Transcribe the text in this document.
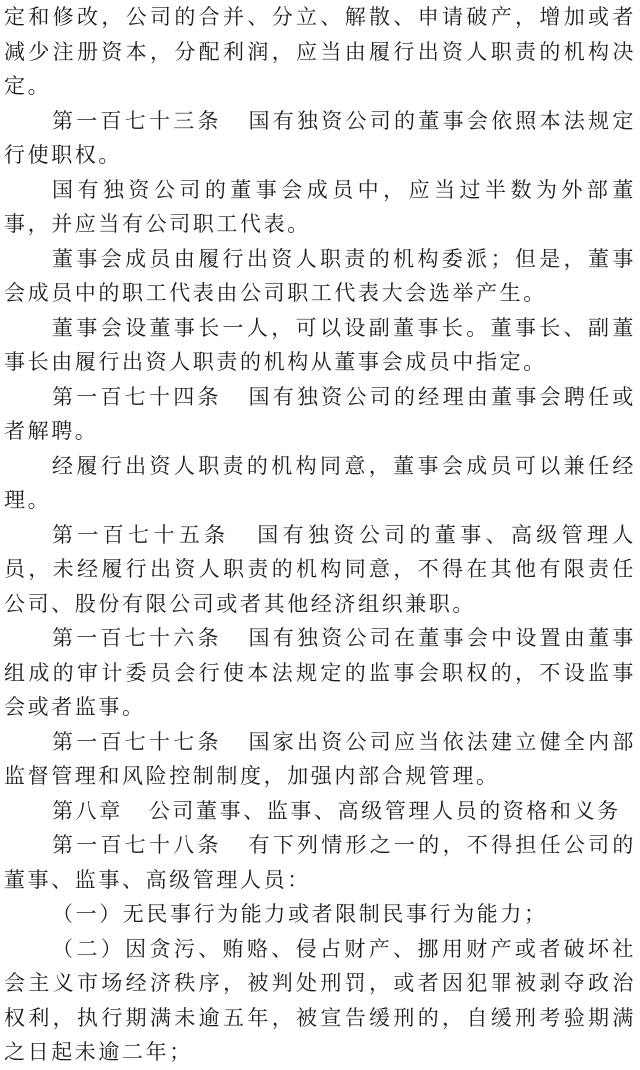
定和修改，公司的合并、分立、解散、申请破产，增加或者减少注册资本，分配利润，应当由履行出资人职责的机构决定。

第一百七十三条 国有独资公司的董事会依照本法规定行使职权。

国有独资公司的董事会成员中，应当过半数为外部董事，并应当有公司职工代表。

董事会成员由履行出资人职责的机构委派；但是，董事会成员中的职工代表由公司职工代表大会选举产生。

董事会设董事长一人，可以设副董事长。董事长、副董事长由履行出资人职责的机构从董事会成员中指定。

第一百七十四条 国有独资公司的经理由董事会聘任或者解聘。

经履行出资人职责的机构同意，董事会成员可以兼任经理。

第一百七十五条 国有独资公司的董事、高级管理人员，未经履行出资人职责的机构同意，不得在其他有限责任公司、股份有限公司或者其他经济组织兼职。

第一百七十六条 国有独资公司在董事会中设置由董事组成的审计委员会行使本法规定的监事会职权的，不设监事会或者监事。

第一百七十七条 国家出资公司应当依法建立健全内部监督管理和风险控制制度，加强内部合规管理。

第八章 公司董事、监事、高级管理人员的资格和义务

第一百七十八条 有下列情形之一的，不得担任公司的董事、监事、高级管理人员：

（一）无民事行为能力或者限制民事行为能力；

（二）因贪污、贿赂、侵占财产、挪用财产或者破坏社会主义市场经济秩序，被判处刑罚，或者因犯罪被剥夺政治权利，执行期满未逾五年，被宣告缓刑的，自缓刑考验期满之日起未逾二年；
